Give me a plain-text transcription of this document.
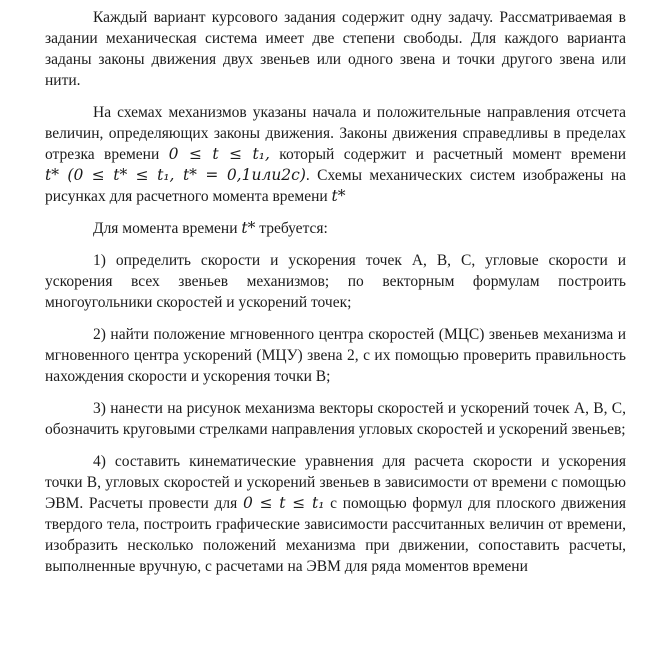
Каждый вариант курсового задания содержит одну задачу. Рассматриваемая в задании механическая система имеет две степени свободы. Для каждого варианта заданы законы движения двух звеньев или одного звена и точки другого звена или нити.

На схемах механизмов указаны начала и положительные направления отсчета величин, определяющих законы движения. Законы движения справедливы в пределах отрезка времени 0 ≤ t ≤ t₁, который содержит и расчетный момент времени t* (0 ≤ t* ≤ t₁, t* = 0,1или2с). Схемы механических систем изображены на рисунках для расчетного момента времени t*

Для момента времени t* требуется:

1) определить скорости и ускорения точек А, В, С, угловые скорости и ускорения всех звеньев механизмов; по векторным формулам построить многоугольники скоростей и ускорений точек;

2) найти положение мгновенного центра скоростей (МЦС) звеньев механизма и мгновенного центра ускорений (МЦУ) звена 2, с их помощью проверить правильность нахождения скорости и ускорения точки В;

3) нанести на рисунок механизма векторы скоростей и ускорений точек А, В, С, обозначить круговыми стрелками направления угловых скоростей и ускорений звеньев;

4) составить кинематические уравнения для расчета скорости и ускорения точки В, угловых скоростей и ускорений звеньев в зависимости от времени с помощью ЭВМ. Расчеты провести для 0 ≤ t ≤ t₁ с помощью формул для плоского движения твердого тела, построить графические зависимости рассчитанных величин от времени, изобразить несколько положений механизма при движении, сопоставить расчеты, выполненные вручную, с расчетами на ЭВМ для ряда моментов времени
